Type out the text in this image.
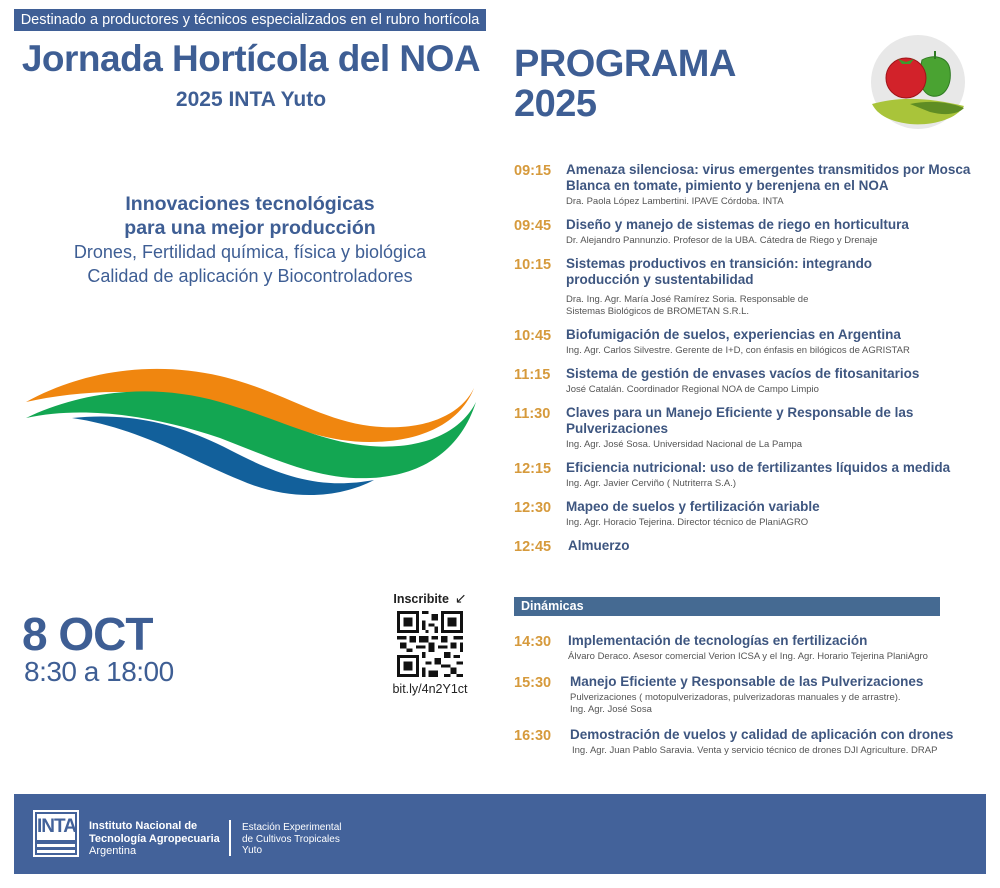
Destinado a productores y técnicos especializados en el rubro hortícola
Jornada Hortícola del NOA
2025 INTA Yuto
Innovaciones tecnológicas
para una mejor producción
Drones, Fertilidad química, física y biológica
Calidad de aplicación y Biocontroladores
8 OCT
8:30 a 18:00
Inscribite ↙
bit.ly/4n2Y1ct
PROGRAMA
2025
09:15	Amenaza silenciosa: virus emergentes transmitidos por Mosca Blanca en tomate, pimiento y berenjena en el NOA
Dra. Paola López Lambertini. IPAVE Córdoba. INTA
09:45	Diseño y manejo de sistemas de riego en horticultura
Dr. Alejandro Pannunzio. Profesor de la UBA. Cátedra de Riego y Drenaje
10:15	Sistemas productivos en transición: integrando producción y sustentabilidad
Dra. Ing. Agr. María José Ramírez Soria. Responsable de
Sistemas Biológicos de BROMETAN S.R.L.
10:45	Biofumigación de suelos, experiencias en Argentina
Ing. Agr. Carlos Silvestre. Gerente de I+D, con énfasis en bilógicos de AGRISTAR
11:15	Sistema de gestión de envases vacíos de fitosanitarios
José Catalán. Coordinador Regional NOA de Campo Limpio
11:30	Claves para un Manejo Eficiente y Responsable de las Pulverizaciones
Ing. Agr. José Sosa. Universidad Nacional de La Pampa
12:15	Eficiencia nutricional: uso de fertilizantes líquidos a medida
Ing. Agr. Javier Cerviño ( Nutriterra S.A.)
12:30	Mapeo de suelos y fertilización variable
Ing. Agr. Horacio Tejerina. Director técnico de PlaniAGRO
12:45	Almuerzo
Dinámicas
14:30	Implementación de tecnologías en fertilización
Álvaro Deraco. Asesor comercial Verion ICSA y el Ing. Agr. Horario Tejerina PlaniAgro
15:30	Manejo Eficiente y Responsable de las Pulverizaciones
Pulverizaciones ( motopulverizadoras, pulverizadoras manuales y de arrastre).
Ing. Agr. José Sosa
16:30	Demostración de vuelos y calidad de aplicación con drones
Ing. Agr. Juan Pablo Saravia. Venta y servicio técnico de drones DJI Agriculture. DRAP
INTA Instituto Nacional de
Tecnología Agropecuaria
Argentina
Estación Experimental
de Cultivos Tropicales
Yuto
